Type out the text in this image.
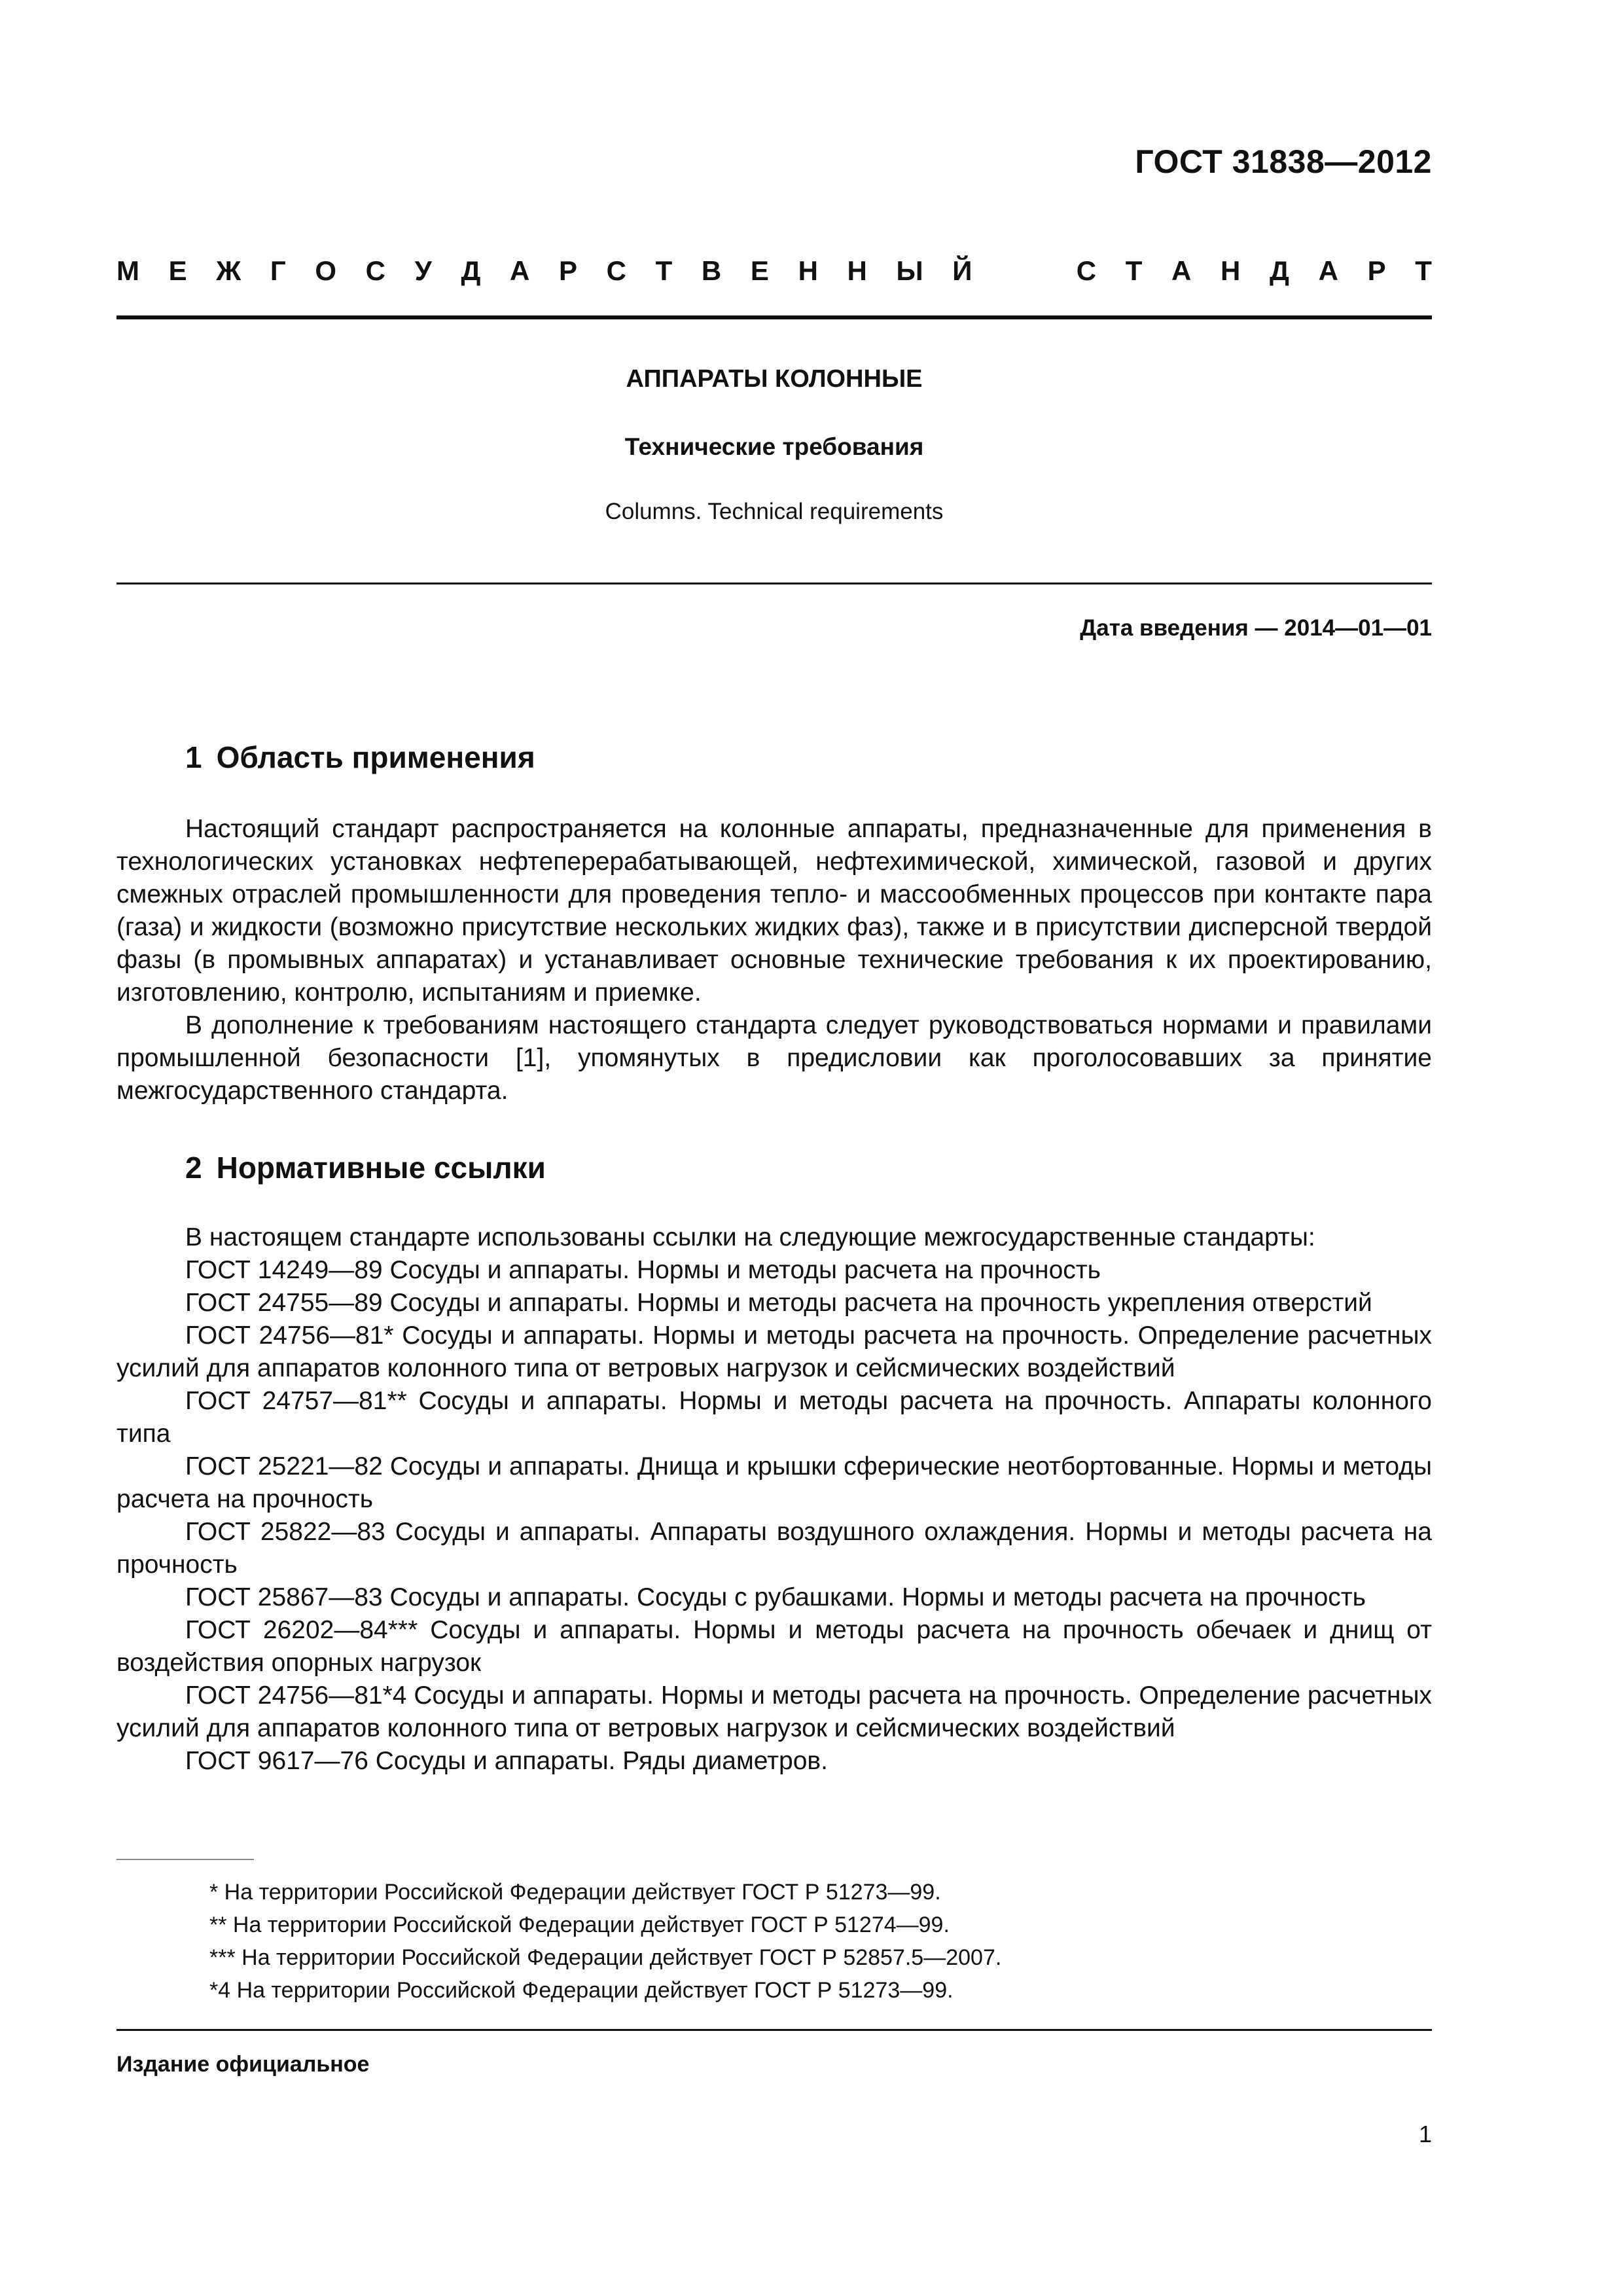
ГОСТ 31838—2012
М Е Ж Г О С У Д А Р С Т В Е Н Н Ы Й	С Т А Н Д А Р Т
АППАРАТЫ КОЛОННЫЕ
Технические требования
Columns. Technical requirements
Дата введения — 2014—01—01
1 Область применения

Настоящий стандарт распространяется на колонные аппараты, предназначенные для применения в технологических установках нефтеперерабатывающей, нефтехимической, химической, газовой и других смежных отраслей промышленности для проведения тепло- и массообменных процессов при контакте пара (газа) и жидкости (возможно присутствие нескольких жидких фаз), также и в присутствии дисперсной твердой фазы (в промывных аппаратах) и устанавливает основные технические требования к их проектированию, изготовлению, контролю, испытаниям и приемке.

В дополнение к требованиям настоящего стандарта следует руководствоваться нормами и правилами промышленной безопасности [1], упомянутых в предисловии как проголосовавших за принятие межгосударственного стандарта.

2 Нормативные ссылки

В настоящем стандарте использованы ссылки на следующие межгосударственные стандарты:

ГОСТ 14249—89 Сосуды и аппараты. Нормы и методы расчета на прочность

ГОСТ 24755—89 Сосуды и аппараты. Нормы и методы расчета на прочность укрепления отверстий

ГОСТ 24756—81* Сосуды и аппараты. Нормы и методы расчета на прочность. Определение расчетных усилий для аппаратов колонного типа от ветровых нагрузок и сейсмических воздействий

ГОСТ 24757—81** Сосуды и аппараты. Нормы и методы расчета на прочность. Аппараты колонного типа

ГОСТ 25221—82 Сосуды и аппараты. Днища и крышки сферические неотбортованные. Нормы и методы расчета на прочность

ГОСТ 25822—83 Сосуды и аппараты. Аппараты воздушного охлаждения. Нормы и методы расчета на прочность

ГОСТ 25867—83 Сосуды и аппараты. Сосуды с рубашками. Нормы и методы расчета на прочность

ГОСТ 26202—84*** Сосуды и аппараты. Нормы и методы расчета на прочность обечаек и днищ от воздействия опорных нагрузок

ГОСТ 24756—81*4 Сосуды и аппараты. Нормы и методы расчета на прочность. Определение расчетных усилий для аппаратов колонного типа от ветровых нагрузок и сейсмических воздействий

ГОСТ 9617—76 Сосуды и аппараты. Ряды диаметров.

* На территории Российской Федерации действует ГОСТ Р 51273—99.
** На территории Российской Федерации действует ГОСТ Р 51274—99.
*** На территории Российской Федерации действует ГОСТ Р 52857.5—2007.
*4 На территории Российской Федерации действует ГОСТ Р 51273—99.
Издание официальное
1
